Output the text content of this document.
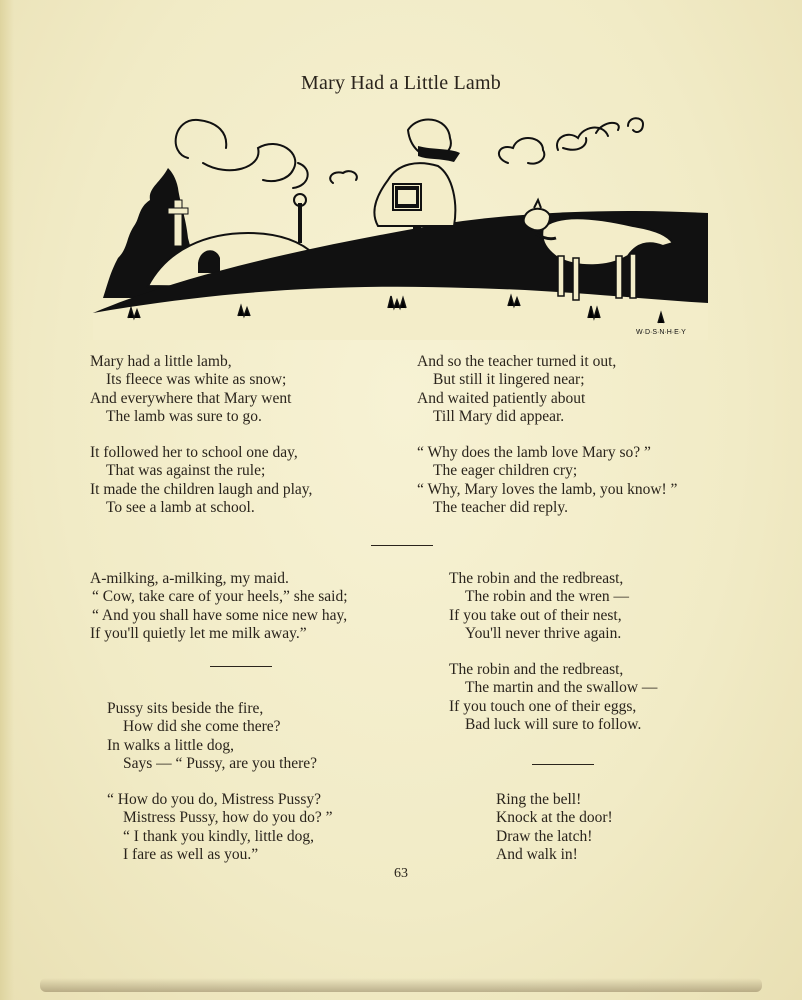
Mary Had a Little Lamb
W·D·S·N·H·E·Y
Mary had a little lamb,
Its fleece was white as snow;
And everywhere that Mary went
The lamb was sure to go.
It followed her to school one day,
That was against the rule;
It made the children laugh and play,
To see a lamb at school.
And so the teacher turned it out,
But still it lingered near;
And waited patiently about
Till Mary did appear.
“ Why does the lamb love Mary so? ”
The eager children cry;
“ Why, Mary loves the lamb, you know! ”
The teacher did reply.
A-milking, a-milking, my maid.
“ Cow, take care of your heels,” she said;
“ And you shall have some nice new hay,
If you'll quietly let me milk away.”
Pussy sits beside the fire,
How did she come there?
In walks a little dog,
Says — “ Pussy, are you there?
“ How do you do, Mistress Pussy?
Mistress Pussy, how do you do? ”
“ I thank you kindly, little dog,
I fare as well as you.”
The robin and the redbreast,
The robin and the wren —
If you take out of their nest,
You'll never thrive again.
The robin and the redbreast,
The martin and the swallow —
If you touch one of their eggs,
Bad luck will sure to follow.
Ring the bell!
Knock at the door!
Draw the latch!
And walk in!
63
